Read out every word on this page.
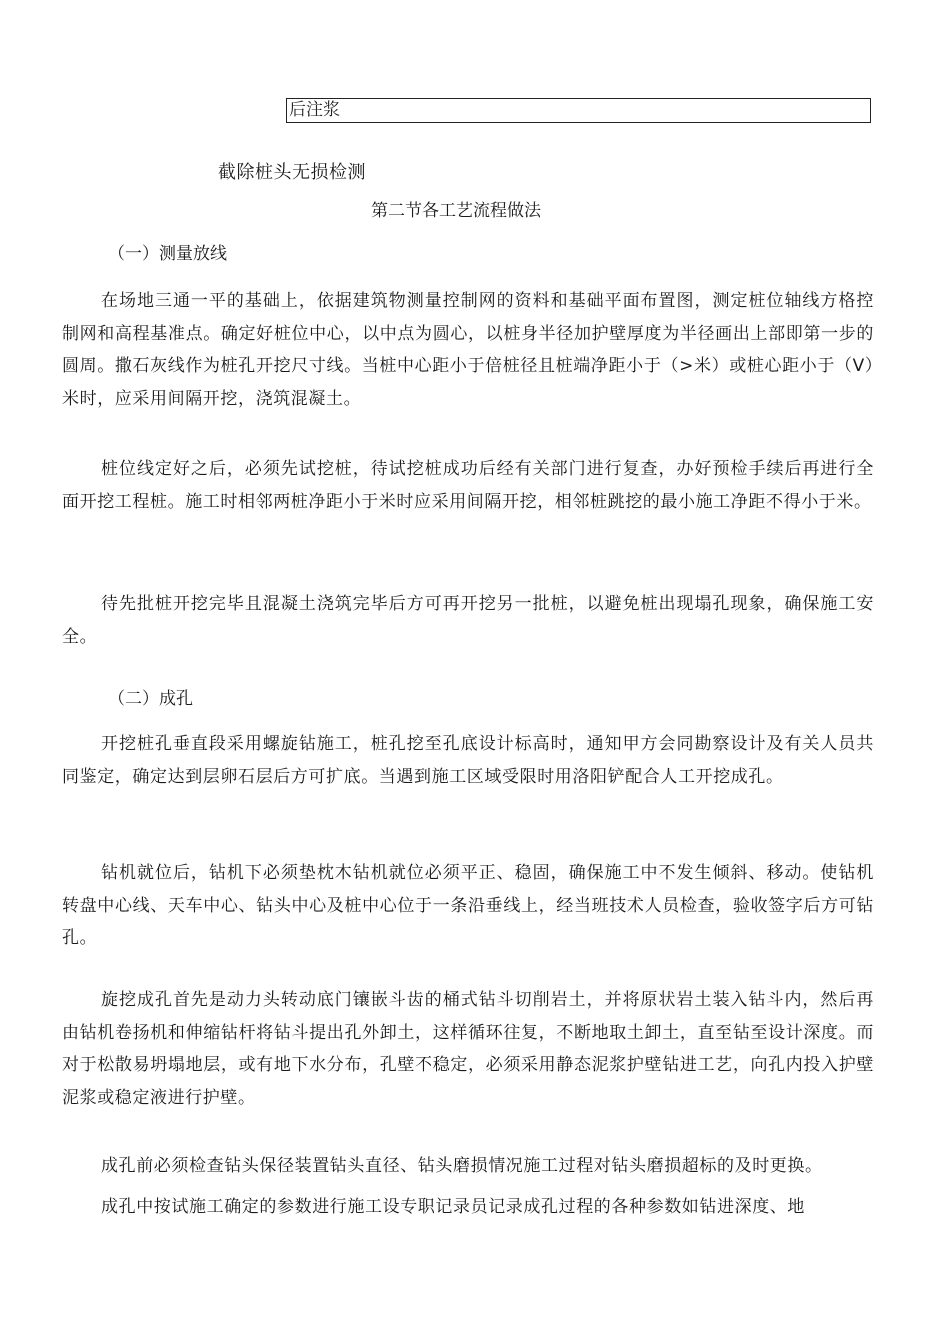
后注浆
截除桩头无损检测
第二节各工艺流程做法
（一）测量放线

在场地三通一平的基础上，依据建筑物测量控制网的资料和基础平面布置图，测定桩位轴线方格控制网和高程基准点。确定好桩位中心，以中点为圆心，以桩身半径加护壁厚度为半径画出上部即第一步的圆周。撒石灰线作为桩孔开挖尺寸线。当桩中心距小于倍桩径且桩端净距小于（>米）或桩心距小于（V）米时，应采用间隔开挖，浇筑混凝土。

桩位线定好之后，必须先试挖桩，待试挖桩成功后经有关部门进行复查，办好预检手续后再进行全面开挖工程桩。施工时相邻两桩净距小于米时应采用间隔开挖，相邻桩跳挖的最小施工净距不得小于米。

待先批桩开挖完毕且混凝土浇筑完毕后方可再开挖另一批桩，以避免桩出现塌孔现象，确保施工安全。

（二）成孔

开挖桩孔垂直段采用螺旋钻施工，桩孔挖至孔底设计标高时，通知甲方会同勘察设计及有关人员共同鉴定，确定达到层卵石层后方可扩底。当遇到施工区域受限时用洛阳铲配合人工开挖成孔。

钻机就位后，钻机下必须垫枕木钻机就位必须平正、稳固，确保施工中不发生倾斜、移动。使钻机转盘中心线、天车中心、钻头中心及桩中心位于一条沿垂线上，经当班技术人员检查，验收签字后方可钻孔。

旋挖成孔首先是动力头转动底门镶嵌斗齿的桶式钻斗切削岩土，并将原状岩土装入钻斗内，然后再由钻机卷扬机和伸缩钻杆将钻斗提出孔外卸土，这样循环往复，不断地取土卸土，直至钻至设计深度。而对于松散易坍塌地层，或有地下水分布，孔壁不稳定，必须采用静态泥浆护壁钻进工艺，向孔内投入护壁泥浆或稳定液进行护壁。

成孔前必须检查钻头保径装置钻头直径、钻头磨损情况施工过程对钻头磨损超标的及时更换。

成孔中按试施工确定的参数进行施工设专职记录员记录成孔过程的各种参数如钻进深度、地
